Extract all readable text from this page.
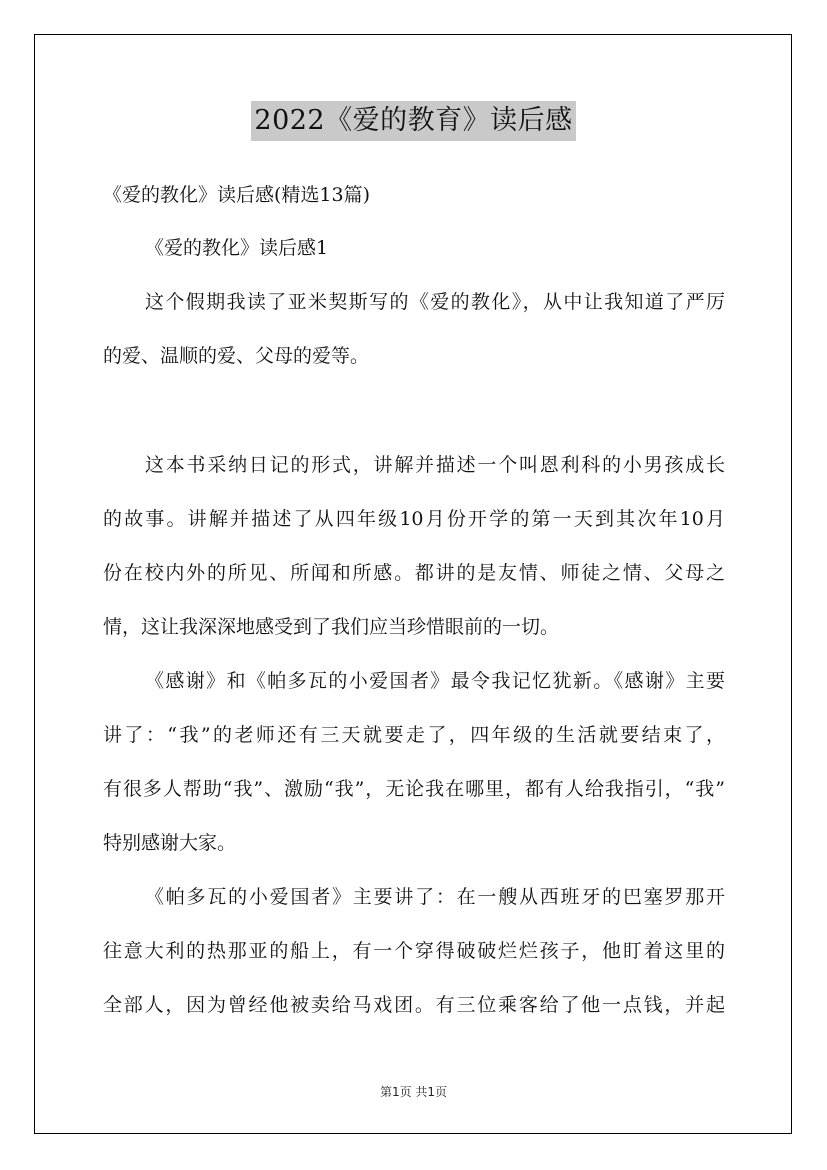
2022《爱的教育》读后感
《爱的教化》读后感(精选13篇)
《爱的教化》读后感1
这个假期我读了亚米契斯写的《爱的教化》，从中让我知道了严厉
的爱、温顺的爱、父母的爱等。
这本书采纳日记的形式，讲解并描述一个叫恩利科的小男孩成长
的故事。讲解并描述了从四年级10月份开学的第一天到其次年10月
份在校内外的所见、所闻和所感。都讲的是友情、师徒之情、父母之
情，这让我深深地感受到了我们应当珍惜眼前的一切。
《感谢》和《帕多瓦的小爱国者》最令我记忆犹新。《感谢》主要
讲了：“我”的老师还有三天就要走了，四年级的生活就要结束了，
有很多人帮助“我”、激励“我”，无论我在哪里，都有人给我指引，“我”
特别感谢大家。
《帕多瓦的小爱国者》主要讲了：在一艘从西班牙的巴塞罗那开
往意大利的热那亚的船上，有一个穿得破破烂烂孩子，他盯着这里的
全部人，因为曾经他被卖给马戏团。有三位乘客给了他一点钱，并起
第1页 共1页
